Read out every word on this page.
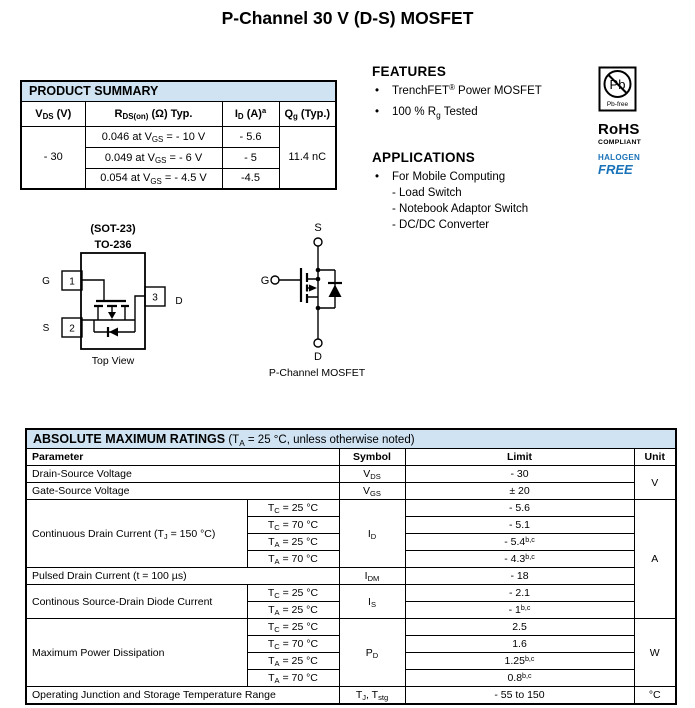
P-Channel 30 V (D-S) MOSFET
PRODUCT SUMMARY			
$V_{DS}$ (V)	$R_{DS(on)}$ (Ω) Typ.	$I_D$ $(A)^a$	$Q_g$ (Typ.)
- 30	0.046 at $V_{GS}$ = - 10 V	- 5.6	11.4 nC
	0.049 at $V_{GS}$ = - 6 V	- 5	
	0.054 at $V_{GS}$ = - 4.5 V	-4.5	
FEATURES
•	TrenchFET® Power MOSFET
•	100 % $R_g$ Tested
APPLICATIONS
•	For Mobile Computing
- Load Switch
- Notebook Adaptor Switch
- DC/DC Converter
Pb
Pb-free
RoHS
COMPLIANT
HALOGEN
FREE
(SOT-23)
TO-236
1
2
3
G
S
D
Top View
S
G
D
P-Channel MOSFET
ABSOLUTE MAXIMUM RATINGS ($T_A = 25$ °C, unless otherwise noted)				
Parameter		Symbol	Limit	Unit
Drain-Source Voltage		$V_{DS}$	- 30	V
Gate-Source Voltage		$V_{GS}$	± 20	
Continuous Drain Current ($T_J = 150$ °C)	$T_C = 25$ °C	$I_D$	- 5.6	A
	$T_C = 70$ °C		- 5.1	
	$T_A = 25$ °C		- 5.4$^{b,c}$
	$T_A = 70$ °C		- 4.3$^{b,c}$
Pulsed Drain Current (t = 100 µs)		$I_{DM}$	- 18	
Continous Source-Drain Diode Current	$T_C = 25$ °C	$I_S$	- 2.1	
	$T_A = 25$ °C		- 1$^{b,c}$
Maximum Power Dissipation	$T_C = 25$ °C	$P_D$	2.5	W
	$T_C = 70$ °C		1.6	
	$T_A = 25$ °C		1.25$^{b,c}$
	$T_A = 70$ °C		0.8$^{b,c}$
Operating Junction and Storage Temperature Range		$T_J$, $T_{stg}$	- 55 to 150	°C
